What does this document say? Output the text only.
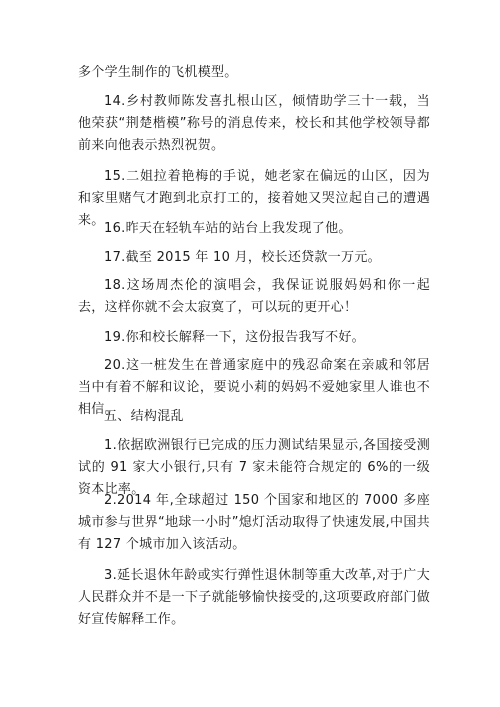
多个学生制作的飞机模型。

14.乡村教师陈发喜扎根山区，倾情助学三十一载，当他荣获“荆楚楷模”称号的消息传来，校长和其他学校领导都前来向他表示热烈祝贺。

15.二姐拉着艳梅的手说，她老家在偏远的山区，因为和家里赌气才跑到北京打工的，接着她又哭泣起自己的遭遇来。

16.昨天在轻轨车站的站台上我发现了他。

17.截至 2015 年 10 月，校长还贷款一万元。

18.这场周杰伦的演唱会，我保证说服妈妈和你一起去，这样你就不会太寂寞了，可以玩的更开心！

19.你和校长解释一下，这份报告我写不好。

20.这一桩发生在普通家庭中的残忍命案在亲戚和邻居当中有着不解和议论，要说小莉的妈妈不爱她家里人谁也不相信。

五、结构混乱

1.依据欧洲银行已完成的压力测试结果显示,各国接受测试的 91 家大小银行,只有 7 家未能符合规定的 6%的一级资本比率。

2.2014 年,全球超过 150 个国家和地区的 7000 多座城市参与世界“地球一小时”熄灯活动取得了快速发展,中国共有 127 个城市加入该活动。

3.延长退休年龄或实行弹性退休制等重大改革,对于广大人民群众并不是一下子就能够愉快接受的,这项要政府部门做好宣传解释工作。
